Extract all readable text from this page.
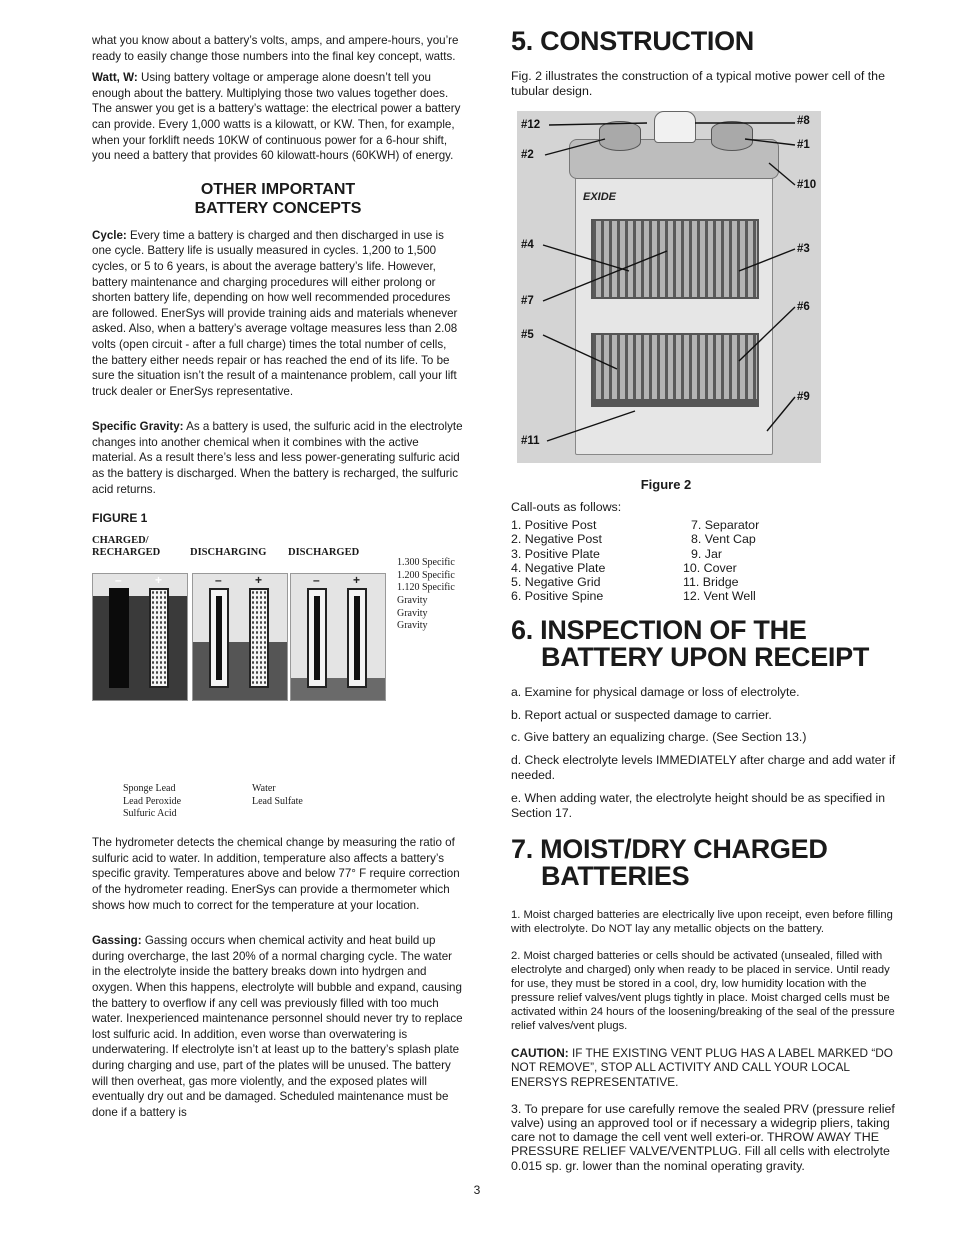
what you know about a battery’s volts, amps, and ampere-hours, you’re ready to easily change those numbers into the final key concept, watts.

Watt, W: Using battery voltage or amperage alone doesn’t tell you enough about the battery. Multiplying those two values together does. The answer you get is a battery’s wattage: the electrical power a battery can provide. Every 1,000 watts is a kilowatt, or KW. Then, for example, when your forklift needs 10KW of continuous power for a 6-hour shift, you need a battery that provides 60 kilowatt-hours (60KWH) of energy.

OTHER IMPORTANT
BATTERY CONCEPTS

Cycle: Every time a battery is charged and then discharged in use is one cycle. Battery life is usually measured in cycles. 1,200 to 1,500 cycles, or 5 to 6 years, is about the average battery’s life. However, battery maintenance and charging procedures will either prolong or shorten battery life, depending on how well recommended procedures are followed. EnerSys will provide training aids and materials whenever asked. Also, when a battery’s average voltage measures less than 2.08 volts (open circuit - after a full charge) times the total number of cells, the battery either needs repair or has reached the end of its life. To be sure the situation isn’t the result of a maintenance problem, call your lift truck dealer or EnerSys representative.

Specific Gravity: As a battery is used, the sulfuric acid in the electrolyte changes into another chemical when it combines with the active material. As a result there’s less and less power-generating sulfuric acid as the battery is discharged. When the battery is recharged, the sulfuric acid returns.

FIGURE 1
CHARGED/
RECHARGED	DISCHARGING DISCHARGED
1.300 Specific
1.200 Specific
1.120 Specific
Gravity
Gravity
Gravity
–	+	–	+	–	+
Sponge Lead
Lead Peroxide
Sulfuric Acid
Water
Lead Sulfate

The hydrometer detects the chemical change by measuring the ratio of sulfuric acid to water. In addition, temperature also affects a battery’s specific gravity. Temperatures above and below 77° F require correction of the hydrometer reading. EnerSys can provide a thermometer which shows how much to correct for the temperature at your location.

Gassing: Gassing occurs when chemical activity and heat build up during overcharge, the last 20% of a normal charging cycle. The water in the electrolyte inside the battery breaks down into hydrgen and oxygen. When this happens, electrolyte will bubble and expand, causing the battery to overflow if any cell was previously filled with too much water. Inexperienced maintenance personnel should never try to replace lost sulfuric acid. In addition, even worse than overwatering is underwatering. If electrolyte isn’t at least up to the battery’s splash plate during charging and use, part of the plates will be unused. The battery will then overheat, gas more violently, and the exposed plates will eventually dry out and be damaged. Scheduled maintenance must be done if a battery is

5. CONSTRUCTION

Fig. 2 illustrates the construction of a typical motive power cell of the tubular design.

EXIDE
#12
#2
#4
#7
#5
#11
#8
#1
#10
#3
#6
#9
Figure 2
Call-outs as follows:
1. Positive Post	7. Separator
2. Negative Post	8. Vent Cap
3. Positive Plate	9. Jar
4. Negative Plate	10. Cover
5. Negative Grid	11. Bridge
6. Positive Spine	12. Vent Well
6. INSPECTION OF THE
BATTERY UPON RECEIPT

a. Examine for physical damage or loss of electrolyte.

b. Report actual or suspected damage to carrier.

c. Give battery an equalizing charge. (See Section 13.)

d. Check electrolyte levels IMMEDIATELY after charge and add water if needed.

e. When adding water, the electrolyte height should be as specified in Section 17.

7. MOIST/DRY CHARGED
BATTERIES

1. Moist charged batteries are electrically live upon receipt, even before filling with electrolyte. Do NOT lay any metallic objects on the battery.

2. Moist charged batteries or cells should be activated (unsealed, filled with electrolyte and charged) only when ready to be placed in service. Until ready for use, they must be stored in a cool, dry, low humidity location with the pressure relief valves/vent plugs tightly in place. Moist charged cells must be activated within 24 hours of the loosening/breaking of the seal of the pressure relief valves/vent plugs.

CAUTION: IF THE EXISTING VENT PLUG HAS A LABEL MARKED “DO NOT REMOVE”, STOP ALL ACTIVITY AND CALL YOUR LOCAL ENERSYS REPRESENTATIVE.

3. To prepare for use carefully remove the sealed PRV (pressure relief valve) using an approved tool or if necessary a widegrip pliers, taking care not to damage the cell vent well exteri-or. THROW AWAY THE PRESSURE RELIEF VALVE/VENTPLUG. Fill all cells with electrolyte 0.015 sp. gr. lower than the nominal operating gravity.

3
